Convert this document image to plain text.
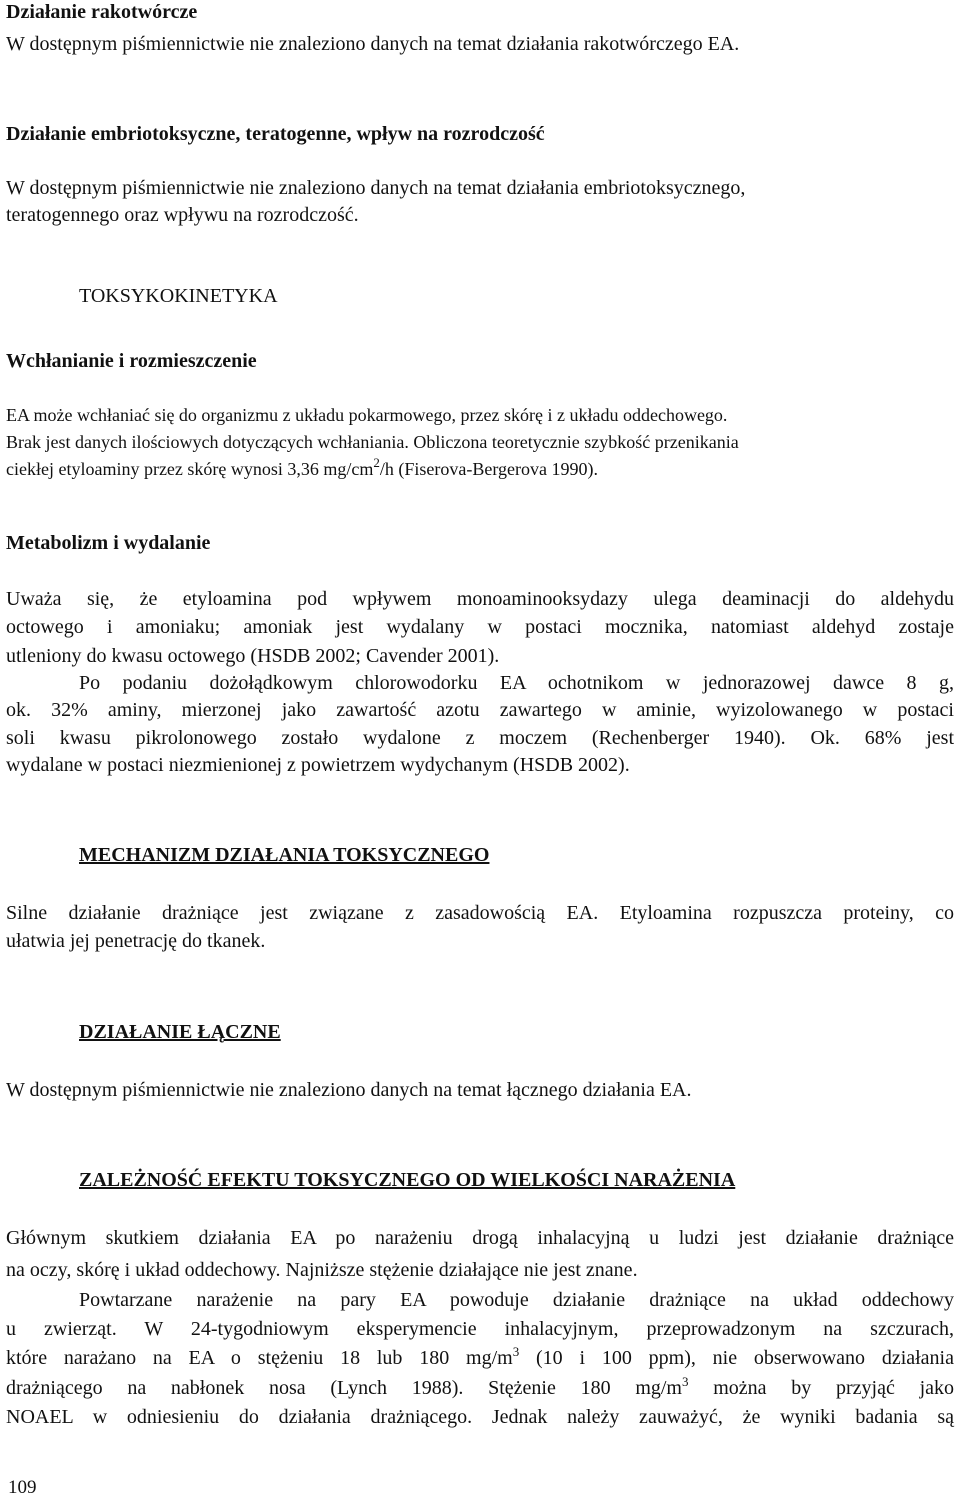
Działanie rakotwórcze

W dostępnym piśmiennictwie nie znaleziono danych na temat działania rakotwórczego EA.

Działanie embriotoksyczne, teratogenne, wpływ na rozrodczość

W dostępnym piśmiennictwie nie znaleziono danych na temat działania embriotoksycznego,

teratogennego oraz wpływu na rozrodczość.

TOKSYKOKINETYKA

Wchłanianie i rozmieszczenie

EA może wchłaniać się do organizmu z układu pokarmowego, przez skórę i z układu oddechowego.

Brak jest danych ilościowych dotyczących wchłaniania. Obliczona teoretycznie szybkość przenikania

ciekłej etyloaminy przez skórę wynosi 3,36 $mg/cm^2/h$ (Fiserova-Bergerova 1990).

Metabolizm i wydalanie

Uważa się, że etyloamina pod wpływem monoaminooksydazy ulega deaminacji do aldehydu

octowego i amoniaku; amoniak jest wydalany w postaci mocznika, natomiast aldehyd zostaje

utleniony do kwasu octowego (HSDB 2002; Cavender 2001).

Po podaniu dożołądkowym chlorowodorku EA ochotnikom w jednorazowej dawce 8 g,

ok. 32% aminy, mierzonej jako zawartość azotu zawartego w aminie, wyizolowanego w postaci

soli kwasu pikrolonowego zostało wydalone z moczem (Rechenberger 1940). Ok. 68% jest

wydalane w postaci niezmienionej z powietrzem wydychanym (HSDB 2002).

MECHANIZM DZIAŁANIA TOKSYCZNEGO

Silne działanie drażniące jest związane z zasadowością EA. Etyloamina rozpuszcza proteiny, co

ułatwia jej penetrację do tkanek.

DZIAŁANIE ŁĄCZNE

W dostępnym piśmiennictwie nie znaleziono danych na temat łącznego działania EA.

ZALEŻNOŚĆ EFEKTU TOKSYCZNEGO OD WIELKOŚCI NARAŻENIA

Głównym skutkiem działania EA po narażeniu drogą inhalacyjną u ludzi jest działanie drażniące

na oczy, skórę i układ oddechowy. Najniższe stężenie działające nie jest znane.

Powtarzane narażenie na pary EA powoduje działanie drażniące na układ oddechowy

u zwierząt. W 24-tygodniowym eksperymencie inhalacyjnym, przeprowadzonym na szczurach,

które narażano na EA o stężeniu 18 lub 180 $mg/m^3$ (10 i 100 ppm), nie obserwowano działania

drażniącego na nabłonek nosa (Lynch 1988). Stężenie 180 $mg/m^3$ można by przyjąć jako

NOAEL w odniesieniu do działania drażniącego. Jednak należy zauważyć, że wyniki badania są

109
